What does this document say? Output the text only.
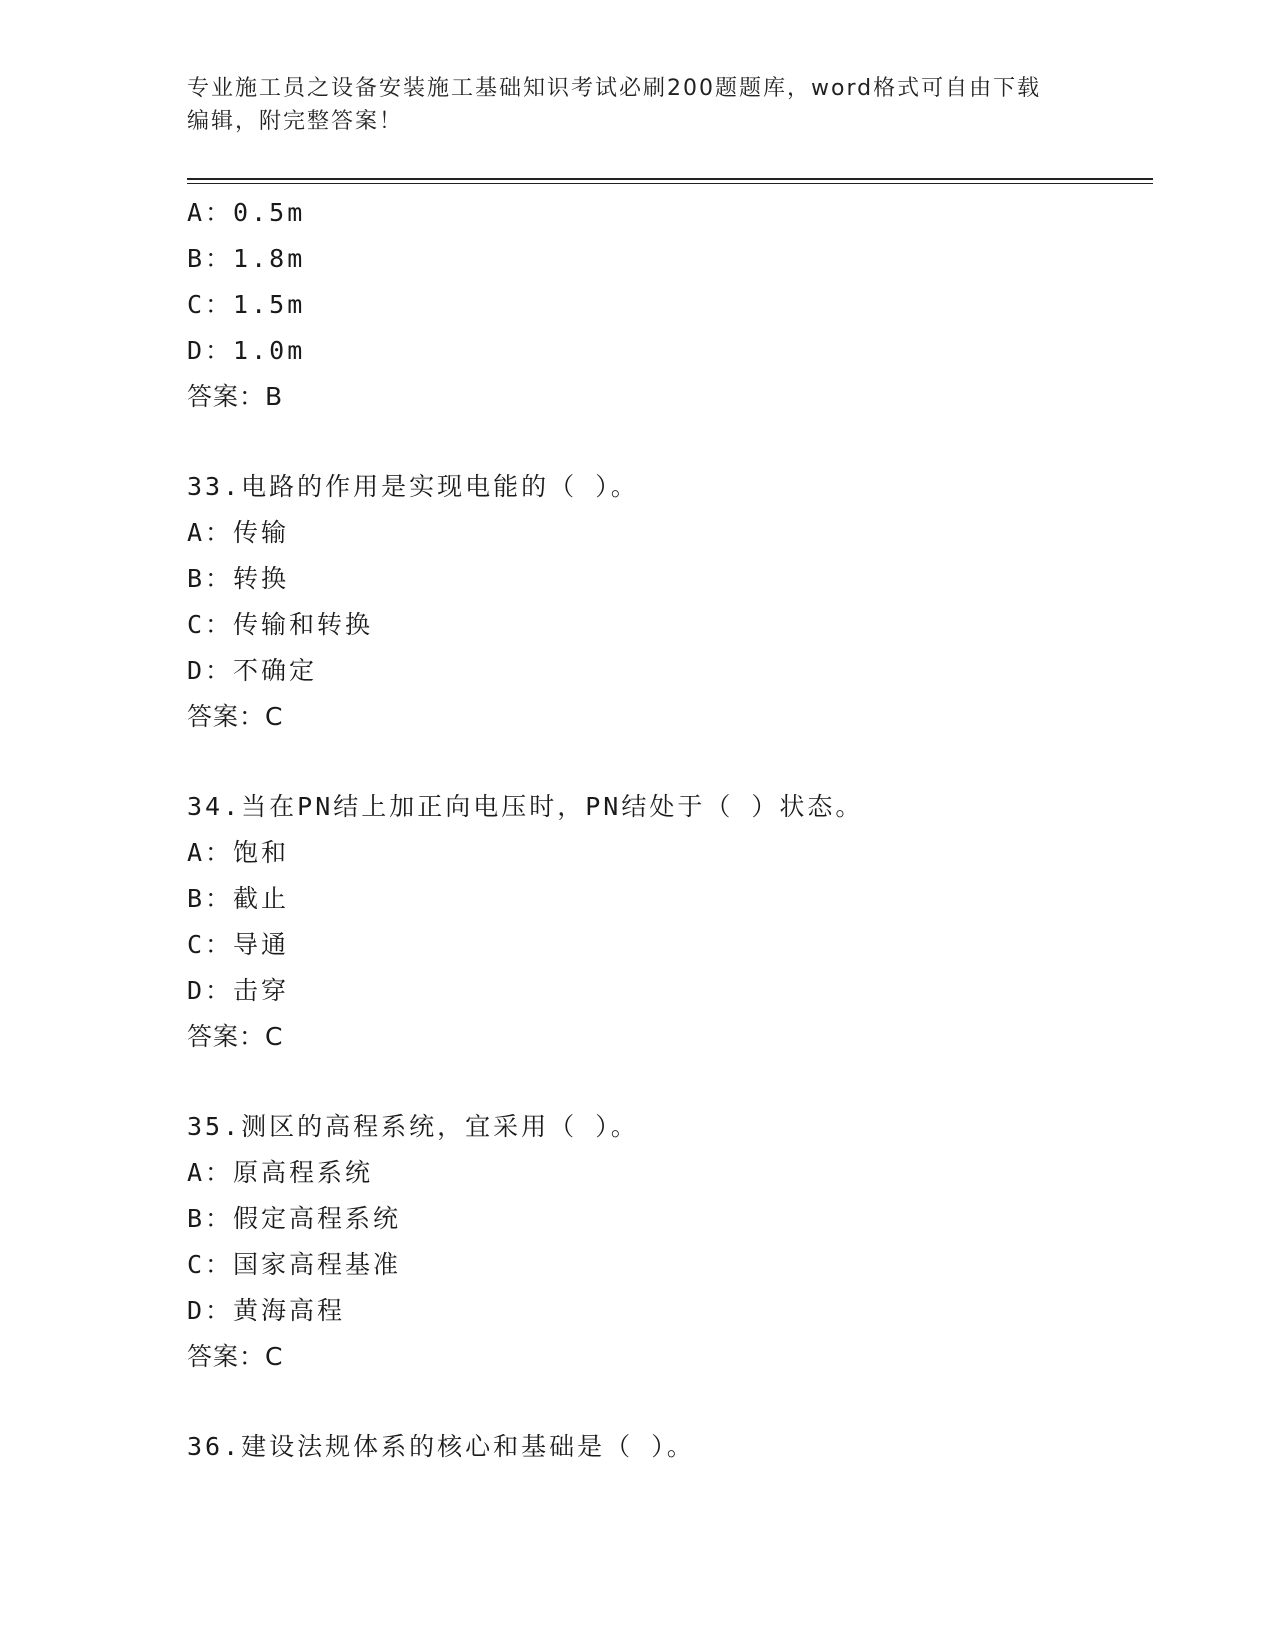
专业施工员之设备安装施工基础知识考试必刷200题题库，word格式可自由下载
编辑，附完整答案！
A：0.5m
B：1.8m
C：1.5m
D：1.0m
答案：B
33.电路的作用是实现电能的（ ）。
A：传输
B：转换
C：传输和转换
D：不确定
答案：C
34.当在PN结上加正向电压时，PN结处于（ ）状态。
A：饱和
B：截止
C：导通
D：击穿
答案：C
35.测区的高程系统，宜采用（ ）。
A：原高程系统
B：假定高程系统
C：国家高程基准
D：黄海高程
答案：C
36.建设法规体系的核心和基础是（ ）。
